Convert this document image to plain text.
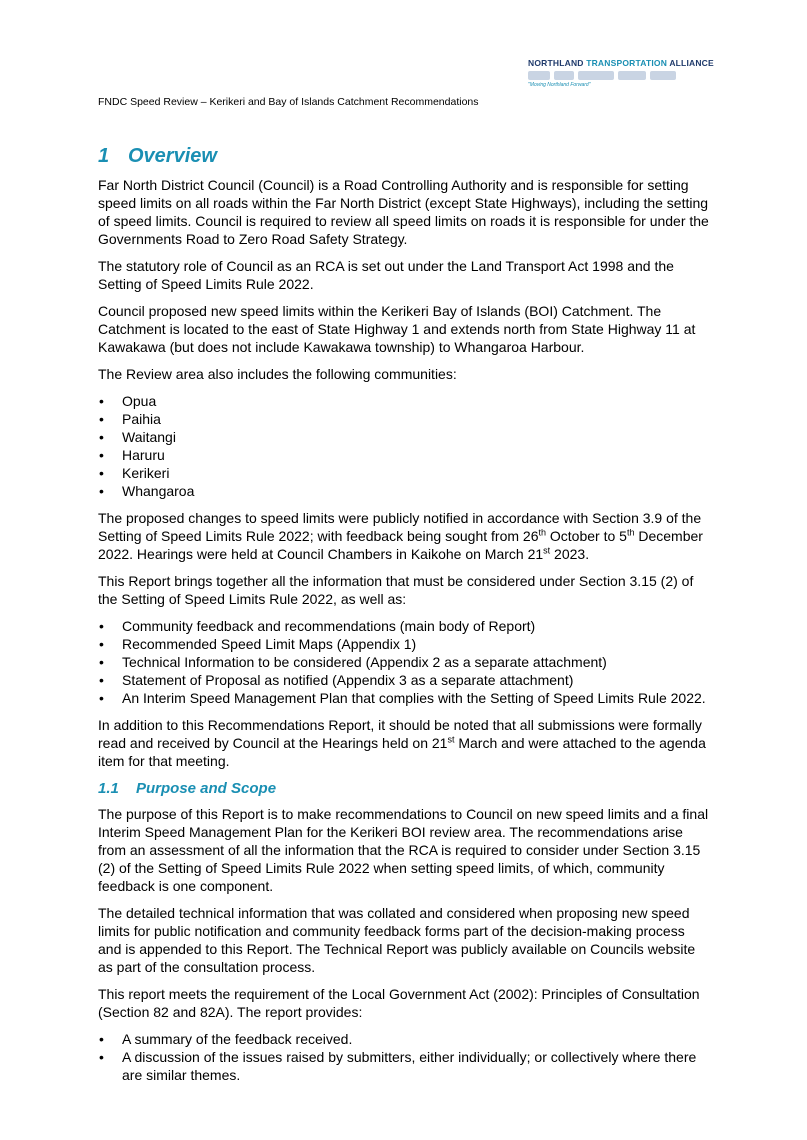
NORTHLAND TRANSPORTATION ALLIANCE
"Moving Northland Forward"
FNDC Speed Review – Kerikeri and Bay of Islands Catchment Recommendations
1 Overview

Far North District Council (Council) is a Road Controlling Authority and is responsible for setting speed limits on all roads within the Far North District (except State Highways), including the setting of speed limits. Council is required to review all speed limits on roads it is responsible for under the Governments Road to Zero Road Safety Strategy.

The statutory role of Council as an RCA is set out under the Land Transport Act 1998 and the Setting of Speed Limits Rule 2022.

Council proposed new speed limits within the Kerikeri Bay of Islands (BOI) Catchment. The Catchment is located to the east of State Highway 1 and extends north from State Highway 11 at Kawakawa (but does not include Kawakawa township) to Whangaroa Harbour.

The Review area also includes the following communities:

• Opua
• Paihia
• Waitangi
• Haruru
• Kerikeri
• Whangaroa

The proposed changes to speed limits were publicly notified in accordance with Section 3.9 of the Setting of Speed Limits Rule 2022; with feedback being sought from 26th October to 5th December 2022. Hearings were held at Council Chambers in Kaikohe on March 21st 2023.

This Report brings together all the information that must be considered under Section 3.15 (2) of the Setting of Speed Limits Rule 2022, as well as:

• Community feedback and recommendations (main body of Report)
• Recommended Speed Limit Maps (Appendix 1)
• Technical Information to be considered (Appendix 2 as a separate attachment)
• Statement of Proposal as notified (Appendix 3 as a separate attachment)
• An Interim Speed Management Plan that complies with the Setting of Speed Limits Rule 2022.

In addition to this Recommendations Report, it should be noted that all submissions were formally read and received by Council at the Hearings held on 21st March and were attached to the agenda item for that meeting.

1.1 Purpose and Scope

The purpose of this Report is to make recommendations to Council on new speed limits and a final Interim Speed Management Plan for the Kerikeri BOI review area. The recommendations arise from an assessment of all the information that the RCA is required to consider under Section 3.15 (2) of the Setting of Speed Limits Rule 2022 when setting speed limits, of which, community feedback is one component.

The detailed technical information that was collated and considered when proposing new speed limits for public notification and community feedback forms part of the decision-making process and is appended to this Report. The Technical Report was publicly available on Councils website as part of the consultation process.

This report meets the requirement of the Local Government Act (2002): Principles of Consultation (Section 82 and 82A). The report provides:

• A summary of the feedback received.
• A discussion of the issues raised by submitters, either individually; or collectively where there are similar themes.
